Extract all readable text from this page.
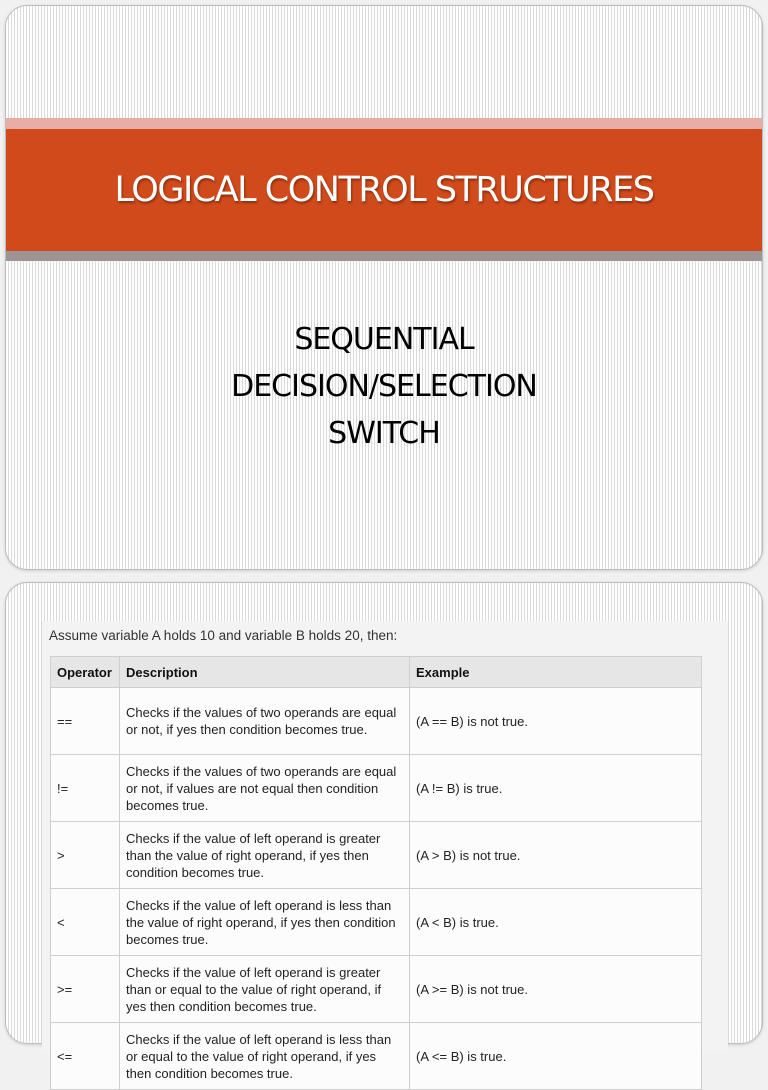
LOGICAL CONTROL STRUCTURES
SEQUENTIAL
DECISION/SELECTION
SWITCH
Assume variable A holds 10 and variable B holds 20, then:
Operator	Description	Example
==	Checks if the values of two operands are equal or not, if yes then condition becomes true.	(A == B) is not true.
!=	Checks if the values of two operands are equal or not, if values are not equal then condition becomes true.	(A != B) is true.
>	Checks if the value of left operand is greater than the value of right operand, if yes then condition becomes true.	(A > B) is not true.
<	Checks if the value of left operand is less than the value of right operand, if yes then condition becomes true.	(A < B) is true.
>=	Checks if the value of left operand is greater than or equal to the value of right operand, if yes then condition becomes true.	(A >= B) is not true.
<=	Checks if the value of left operand is less than or equal to the value of right operand, if yes then condition becomes true.	(A <= B) is true.
